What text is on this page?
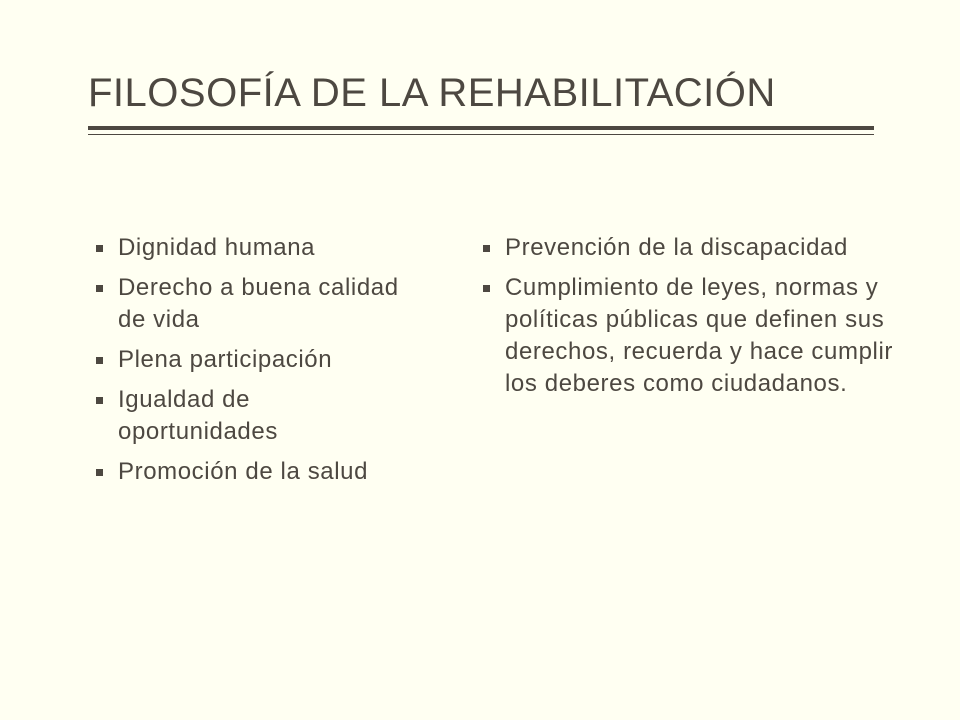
FILOSOFÍA DE LA REHABILITACIÓN
Dignidad humana
Derecho a buena calidad de vida
Plena participación
Igualdad de oportunidades
Promoción de la salud
Prevención de la discapacidad
Cumplimiento de leyes, normas y políticas públicas que definen sus derechos, recuerda y hace cumplir los deberes como ciudadanos.
